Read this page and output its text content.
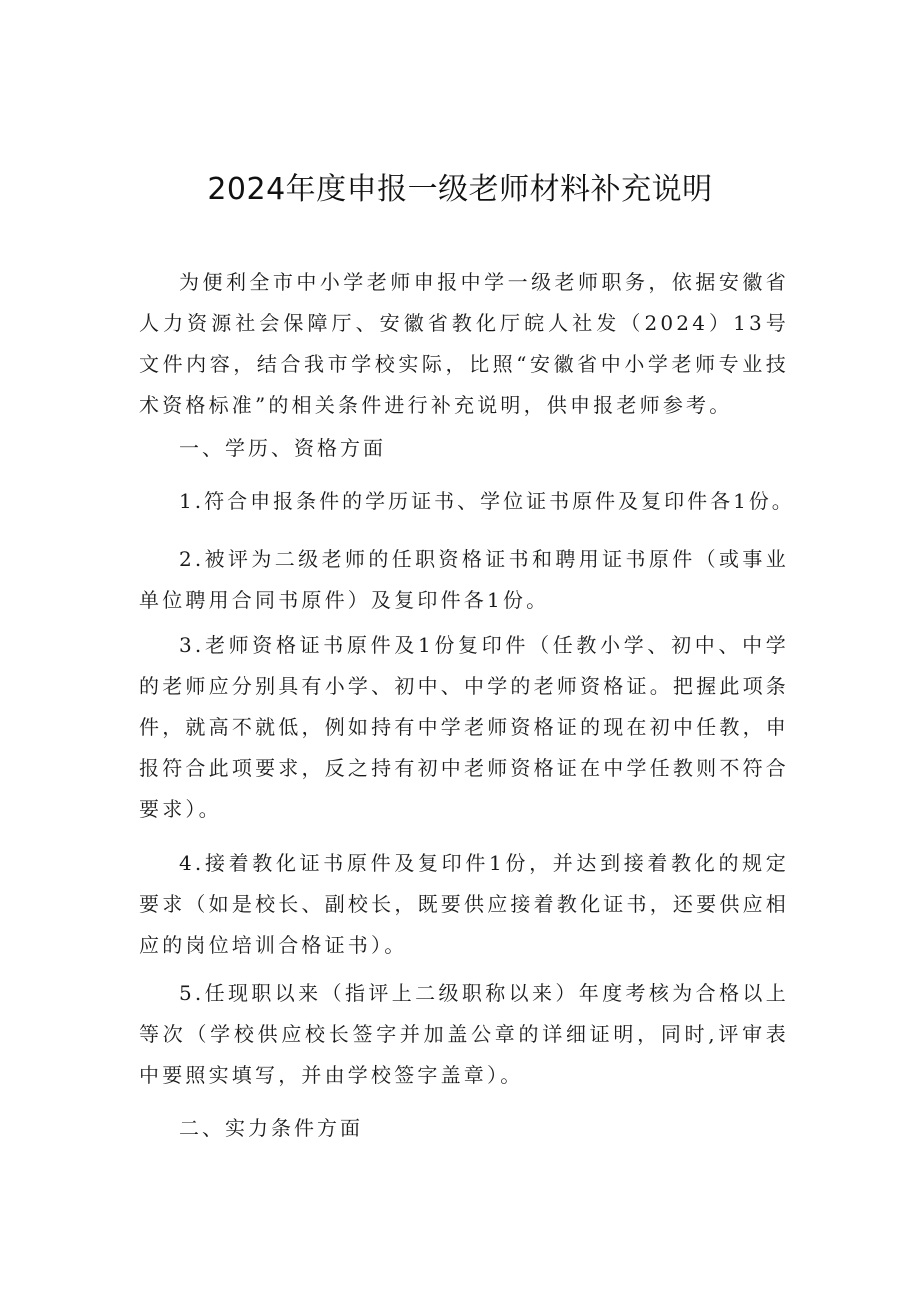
2024年度申报一级老师材料补充说明

为便利全市中小学老师申报中学一级老师职务，依据安徽省人力资源社会保障厅、安徽省教化厅皖人社发（2024）13号文件内容，结合我市学校实际，比照“安徽省中小学老师专业技术资格标准”的相关条件进行补充说明，供申报老师参考。

一、学历、资格方面

1.符合申报条件的学历证书、学位证书原件及复印件各1份。

2.被评为二级老师的任职资格证书和聘用证书原件（或事业单位聘用合同书原件）及复印件各1份。

3.老师资格证书原件及1份复印件（任教小学、初中、中学的老师应分别具有小学、初中、中学的老师资格证。把握此项条件，就高不就低，例如持有中学老师资格证的现在初中任教，申报符合此项要求，反之持有初中老师资格证在中学任教则不符合要求）。

4.接着教化证书原件及复印件1份，并达到接着教化的规定要求（如是校长、副校长，既要供应接着教化证书，还要供应相应的岗位培训合格证书）。

5.任现职以来（指评上二级职称以来）年度考核为合格以上等次（学校供应校长签字并加盖公章的详细证明，同时,评审表中要照实填写，并由学校签字盖章）。

二、实力条件方面
